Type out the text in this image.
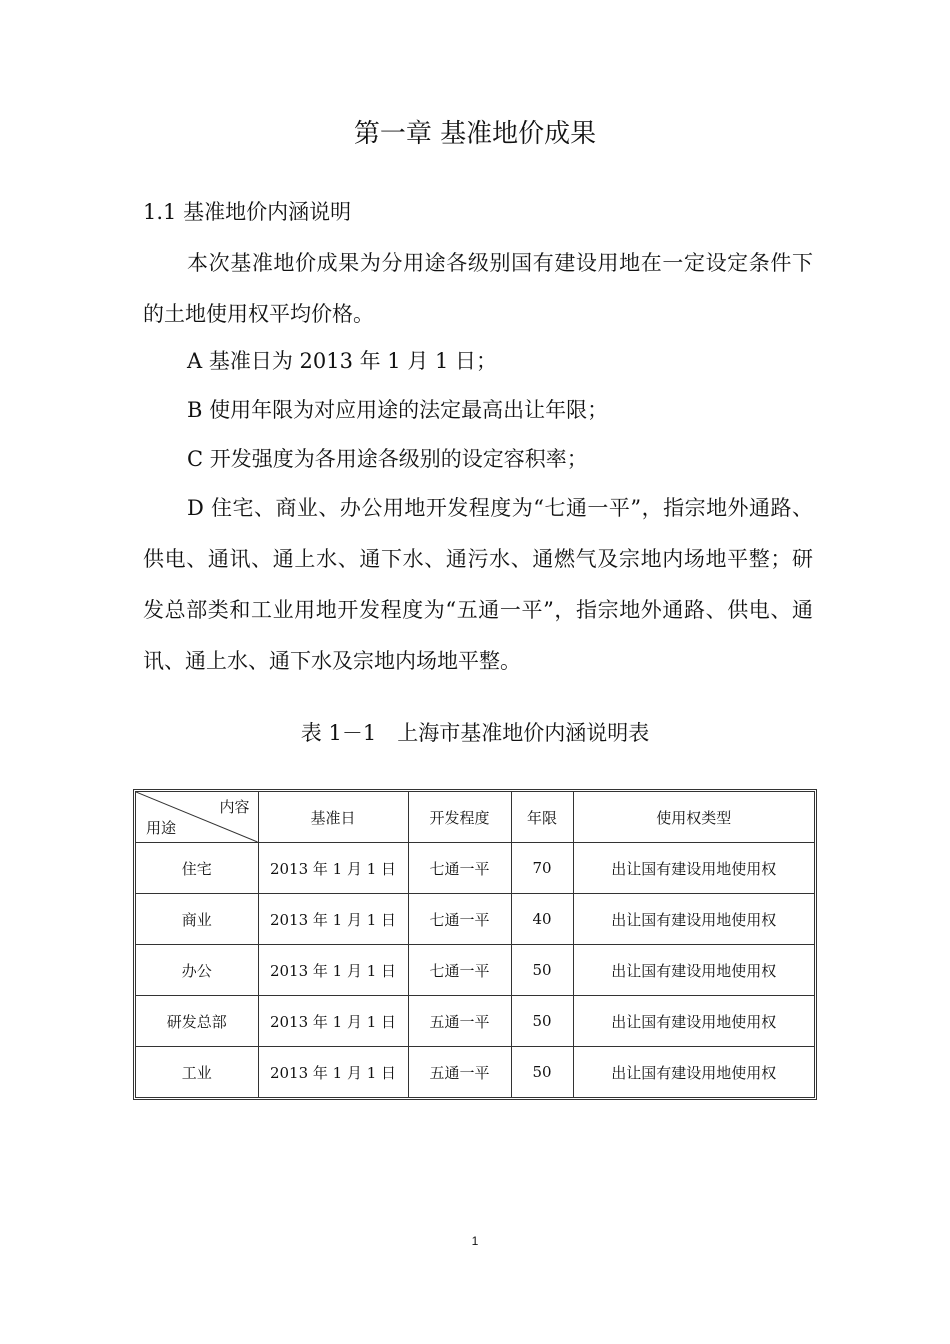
第一章 基准地价成果
1.1 基准地价内涵说明
本次基准地价成果为分用途各级别国有建设用地在一定设定条件下的土地使用权平均价格。
A 基准日为 2013 年 1 月 1 日；
B 使用年限为对应用途的法定最高出让年限；
C 开发强度为各用途各级别的设定容积率；
D 住宅、商业、办公用地开发程度为“七通一平”，指宗地外通路、供电、通讯、通上水、通下水、通污水、通燃气及宗地内场地平整；研发总部类和工业用地开发程度为“五通一平”，指宗地外通路、供电、通讯、通上水、通下水及宗地内场地平整。
表 1－1　上海市基准地价内涵说明表
内容
用途	基准日	开发程度	年限	使用权类型
住宅	2013 年 1 月 1 日	七通一平	70	出让国有建设用地使用权
商业	2013 年 1 月 1 日	七通一平	40	出让国有建设用地使用权
办公	2013 年 1 月 1 日	七通一平	50	出让国有建设用地使用权
研发总部	2013 年 1 月 1 日	五通一平	50	出让国有建设用地使用权
工业	2013 年 1 月 1 日	五通一平	50	出让国有建设用地使用权
1
